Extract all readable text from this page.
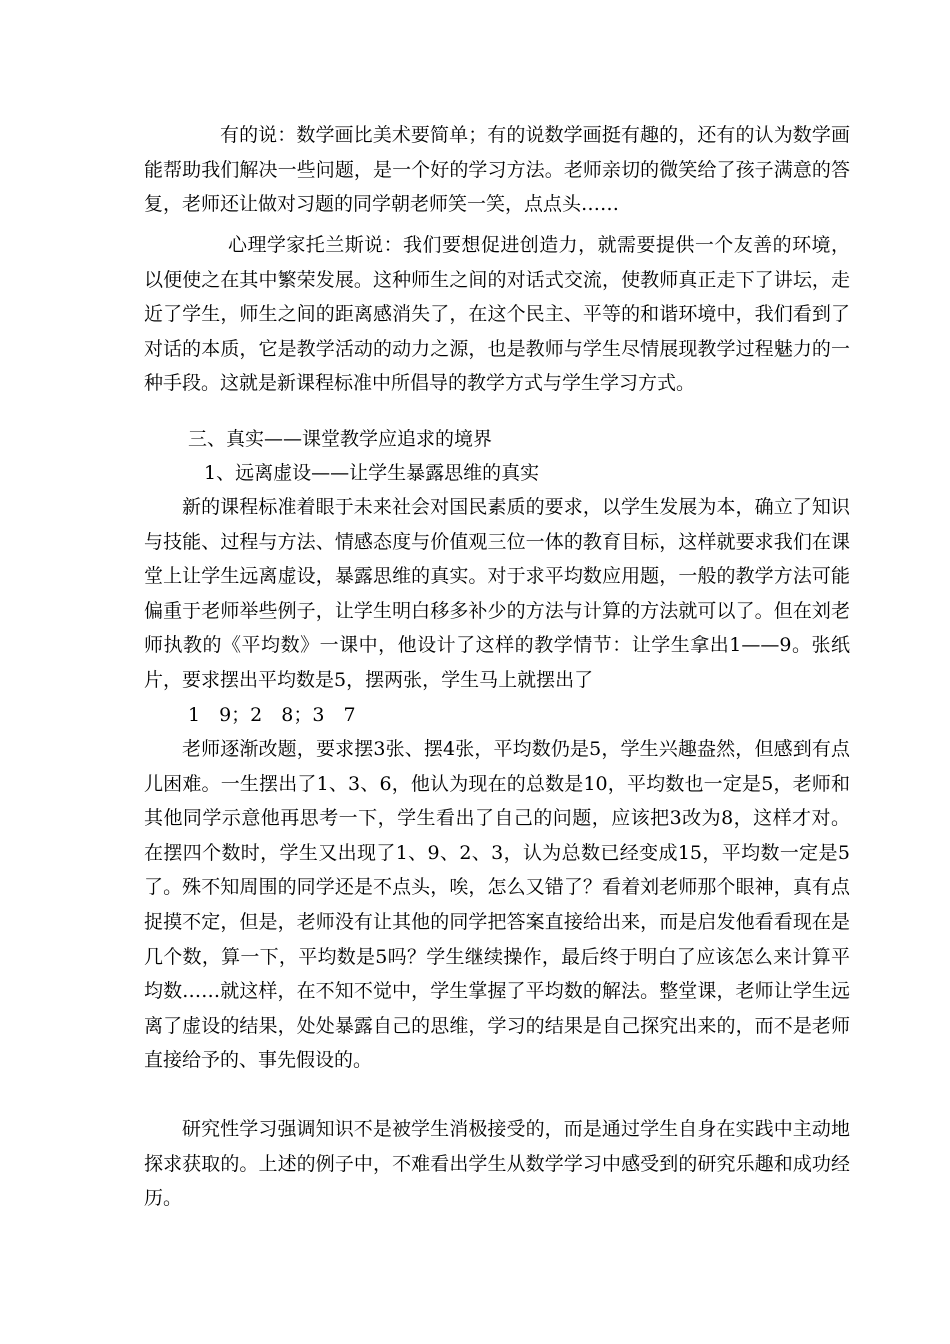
有的说：数学画比美术要简单；有的说数学画挺有趣的，还有的认为数学画能帮助我们解决一些问题，是一个好的学习方法。老师亲切的微笑给了孩子满意的答复，老师还让做对习题的同学朝老师笑一笑，点点头……

心理学家托兰斯说：我们要想促进创造力，就需要提供一个友善的环境，以便使之在其中繁荣发展。这种师生之间的对话式交流，使教师真正走下了讲坛，走近了学生，师生之间的距离感消失了，在这个民主、平等的和谐环境中，我们看到了对话的本质，它是教学活动的动力之源，也是教师与学生尽情展现教学过程魅力的一种手段。这就是新课程标准中所倡导的教学方式与学生学习方式。

三、真实——课堂教学应追求的境界

1、远离虚设——让学生暴露思维的真实

新的课程标准着眼于未来社会对国民素质的要求，以学生发展为本，确立了知识与技能、过程与方法、情感态度与价值观三位一体的教育目标，这样就要求我们在课堂上让学生远离虚设，暴露思维的真实。对于求平均数应用题，一般的教学方法可能偏重于老师举些例子，让学生明白移多补少的方法与计算的方法就可以了。但在刘老师执教的《平均数》一课中，他设计了这样的教学情节：让学生拿出1——9。张纸片，要求摆出平均数是5，摆两张，学生马上就摆出了

1　9；2　8；3　7

老师逐渐改题，要求摆3张、摆4张，平均数仍是5，学生兴趣盎然，但感到有点儿困难。一生摆出了1、3、6，他认为现在的总数是10，平均数也一定是5，老师和其他同学示意他再思考一下，学生看出了自己的问题，应该把3改为8，这样才对。在摆四个数时，学生又出现了1、9、2、3，认为总数已经变成15，平均数一定是5了。殊不知周围的同学还是不点头，唉，怎么又错了？看着刘老师那个眼神，真有点捉摸不定，但是，老师没有让其他的同学把答案直接给出来，而是启发他看看现在是几个数，算一下，平均数是5吗？学生继续操作，最后终于明白了应该怎么来计算平均数……就这样，在不知不觉中，学生掌握了平均数的解法。整堂课，老师让学生远离了虚设的结果，处处暴露自己的思维，学习的结果是自己探究出来的，而不是老师直接给予的、事先假设的。

研究性学习强调知识不是被学生消极接受的，而是通过学生自身在实践中主动地探求获取的。上述的例子中，不难看出学生从数学学习中感受到的研究乐趣和成功经历。
